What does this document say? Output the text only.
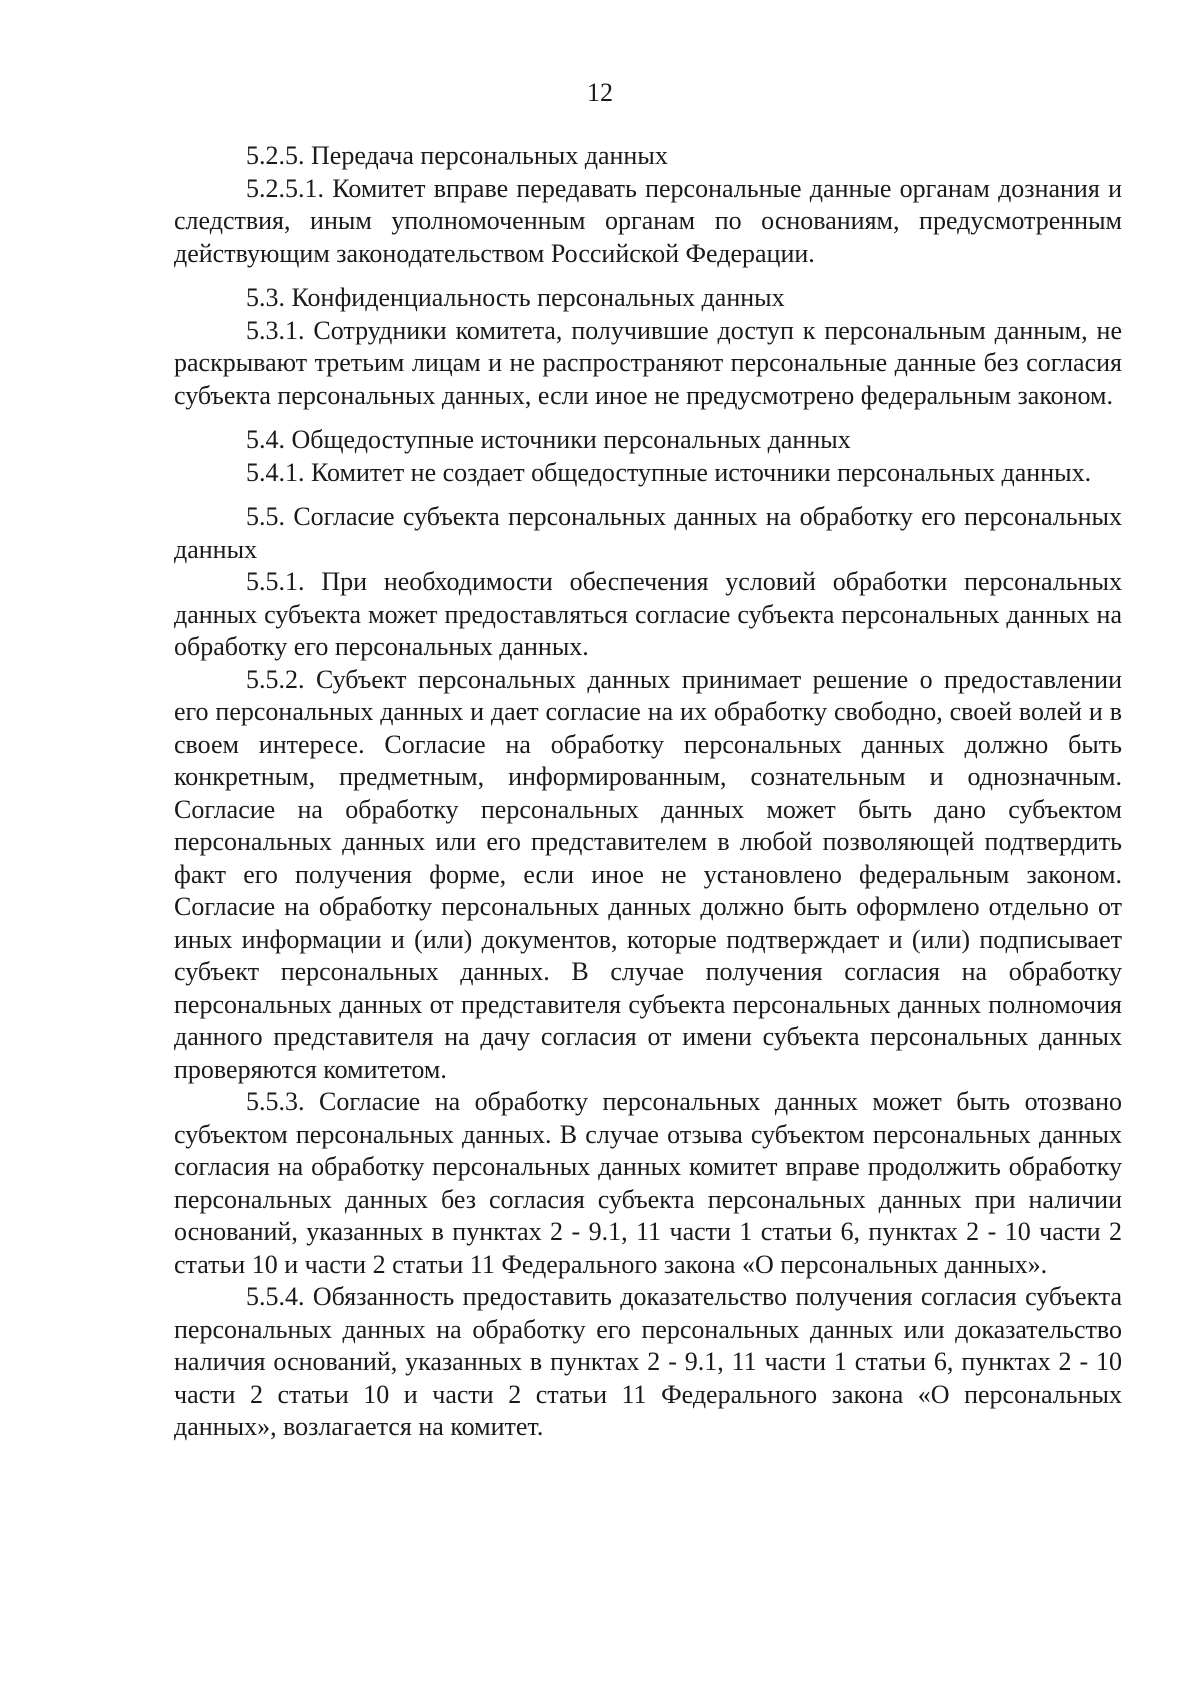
12

5.2.5. Передача персональных данных

5.2.5.1. Комитет вправе передавать персональные данные органам дознания и следствия, иным уполномоченным органам по основаниям, предусмотренным действующим законодательством Российской Федерации.

5.3. Конфиденциальность персональных данных

5.3.1. Сотрудники комитета, получившие доступ к персональным данным, не раскрывают третьим лицам и не распространяют персональные данные без согласия субъекта персональных данных, если иное не предусмотрено федеральным законом.

5.4. Общедоступные источники персональных данных

5.4.1. Комитет не создает общедоступные источники персональных данных.

5.5. Согласие субъекта персональных данных на обработку его персональных данных

5.5.1. При необходимости обеспечения условий обработки персональных данных субъекта может предоставляться согласие субъекта персональных данных на обработку его персональных данных.

5.5.2. Субъект персональных данных принимает решение о предоставлении его персональных данных и дает согласие на их обработку свободно, своей волей и в своем интересе. Согласие на обработку персональных данных должно быть конкретным, предметным, информированным, сознательным и однозначным. Согласие на обработку персональных данных может быть дано субъектом персональных данных или его представителем в любой позволяющей подтвердить факт его получения форме, если иное не установлено федеральным законом. Согласие на обработку персональных данных должно быть оформлено отдельно от иных информации и (или) документов, которые подтверждает и (или) подписывает субъект персональных данных. В случае получения согласия на обработку персональных данных от представителя субъекта персональных данных полномочия данного представителя на дачу согласия от имени субъекта персональных данных проверяются комитетом.

5.5.3. Согласие на обработку персональных данных может быть отозвано субъектом персональных данных. В случае отзыва субъектом персональных данных согласия на обработку персональных данных комитет вправе продолжить обработку персональных данных без согласия субъекта персональных данных при наличии оснований, указанных в пунктах 2 - 9.1, 11 части 1 статьи 6, пунктах 2 - 10 части 2 статьи 10 и части 2 статьи 11 Федерального закона «О персональных данных».

5.5.4. Обязанность предоставить доказательство получения согласия субъекта персональных данных на обработку его персональных данных или доказательство наличия оснований, указанных в пунктах 2 - 9.1, 11 части 1 статьи 6, пунктах 2 - 10 части 2 статьи 10 и части 2 статьи 11 Федерального закона «О персональных данных», возлагается на комитет.
